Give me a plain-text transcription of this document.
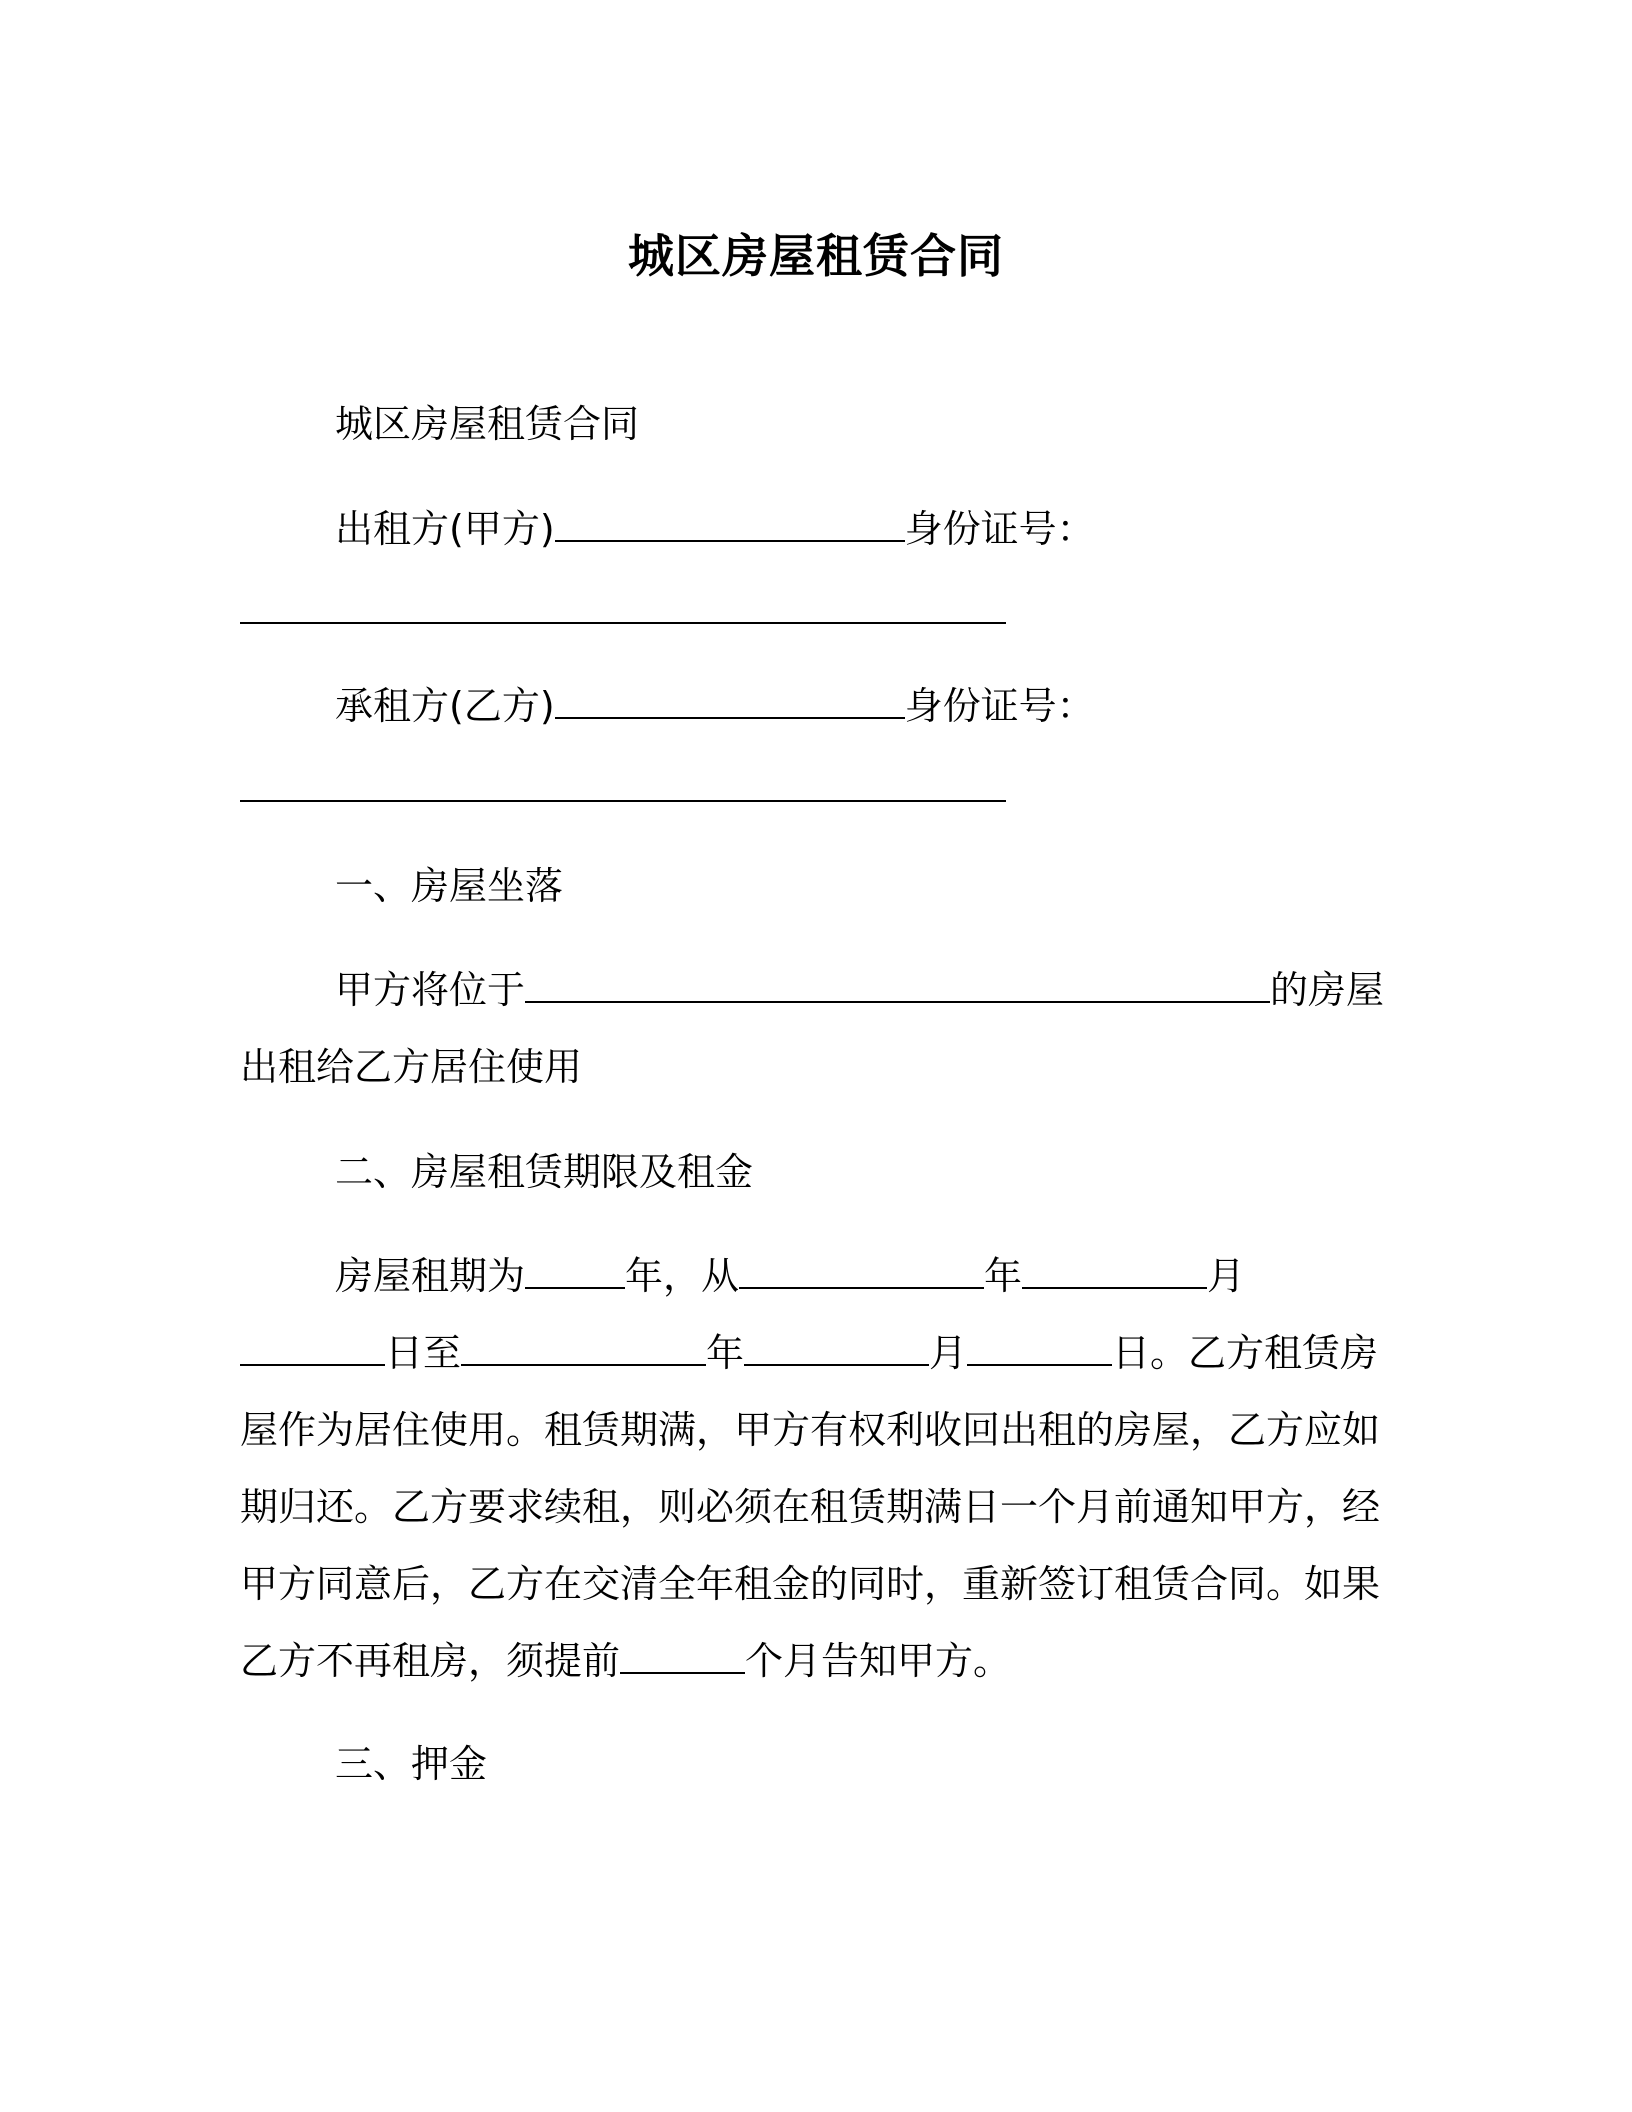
城区房屋租赁合同
城区房屋租赁合同
出租方(甲方)	身份证号：
承租方(乙方)	身份证号：
一、房屋坐落
甲方将位于	的房屋
出租给乙方居住使用
二、房屋租赁期限及租金
房屋租期为	年，从	年	月
日至	年	月	日。乙方租赁房
屋作为居住使用。租赁期满，甲方有权利收回出租的房屋，乙方应如
期归还。乙方要求续租，则必须在租赁期满日一个月前通知甲方，经
甲方同意后，乙方在交清全年租金的同时，重新签订租赁合同。如果
乙方不再租房，须提前	个月告知甲方。
三、押金
